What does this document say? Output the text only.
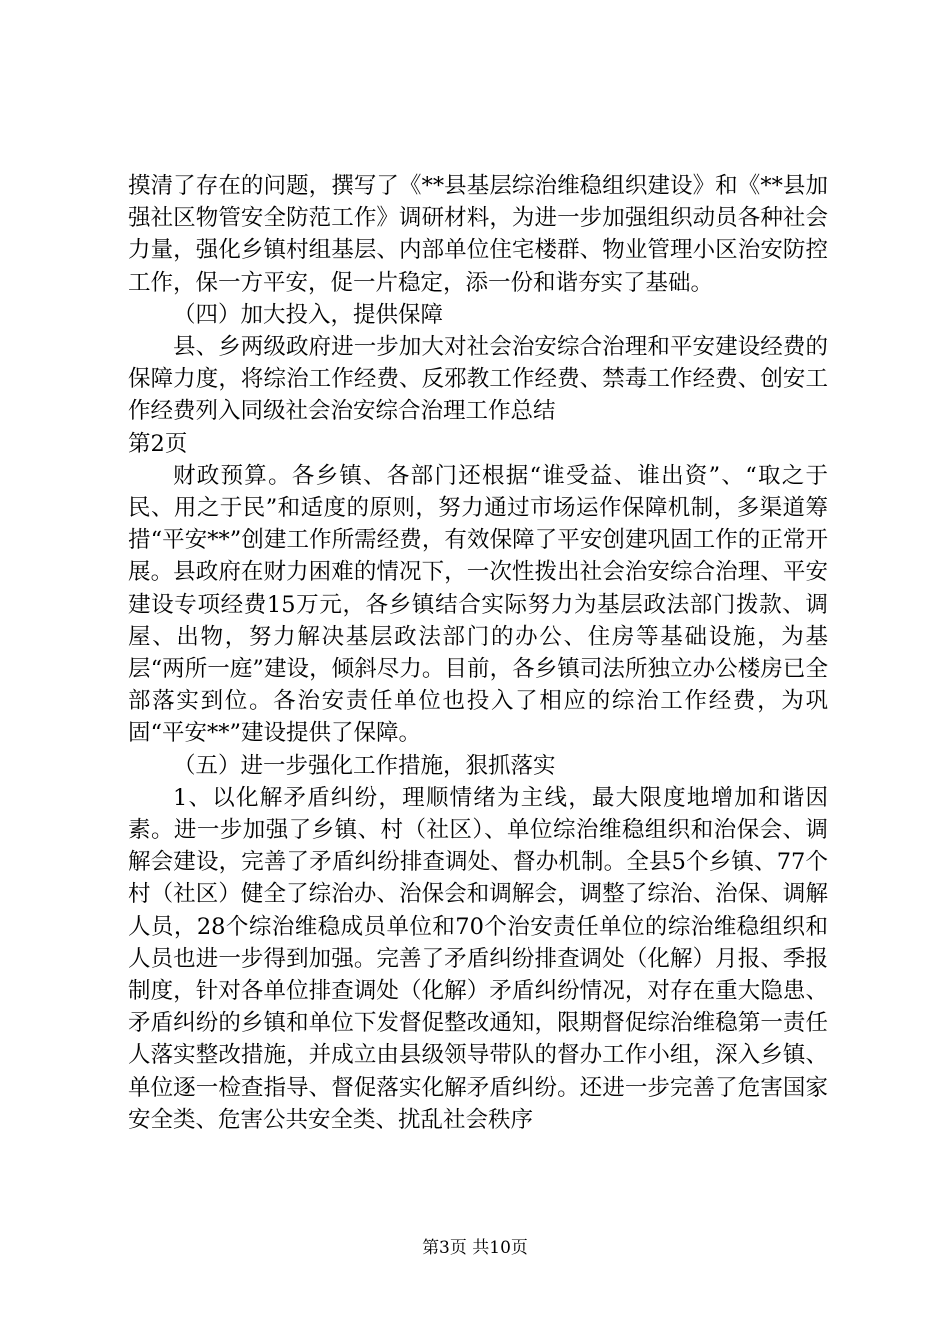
摸清了存在的问题，撰写了《**县基层综治维稳组织建设》和《**县加强社区物管安全防范工作》调研材料，为进一步加强组织动员各种社会力量，强化乡镇村组基层、内部单位住宅楼群、物业管理小区治安防控工作，保一方平安，促一片稳定，添一份和谐夯实了基础。

（四）加大投入，提供保障

县、乡两级政府进一步加大对社会治安综合治理和平安建设经费的保障力度，将综治工作经费、反邪教工作经费、禁毒工作经费、创安工作经费列入同级社会治安综合治理工作总结

第2页

财政预算。各乡镇、各部门还根据“谁受益、谁出资”、“取之于民、用之于民”和适度的原则，努力通过市场运作保障机制，多渠道筹措“平安**”创建工作所需经费，有效保障了平安创建巩固工作的正常开展。县政府在财力困难的情况下，一次性拨出社会治安综合治理、平安建设专项经费15万元，各乡镇结合实际努力为基层政法部门拨款、调屋、出物，努力解决基层政法部门的办公、住房等基础设施，为基层“两所一庭”建设，倾斜尽力。目前，各乡镇司法所独立办公楼房已全部落实到位。各治安责任单位也投入了相应的综治工作经费，为巩固“平安**”建设提供了保障。

（五）进一步强化工作措施，狠抓落实

1、以化解矛盾纠纷，理顺情绪为主线，最大限度地增加和谐因素。进一步加强了乡镇、村（社区）、单位综治维稳组织和治保会、调解会建设，完善了矛盾纠纷排查调处、督办机制。全县5个乡镇、77个村（社区）健全了综治办、治保会和调解会，调整了综治、治保、调解人员，28个综治维稳成员单位和70个治安责任单位的综治维稳组织和人员也进一步得到加强。完善了矛盾纠纷排查调处（化解）月报、季报制度，针对各单位排查调处（化解）矛盾纠纷情况，对存在重大隐患、矛盾纠纷的乡镇和单位下发督促整改通知，限期督促综治维稳第一责任人落实整改措施，并成立由县级领导带队的督办工作小组，深入乡镇、单位逐一检查指导、督促落实化解矛盾纠纷。还进一步完善了危害国家安全类、危害公共安全类、扰乱社会秩序

第3页 共10页
